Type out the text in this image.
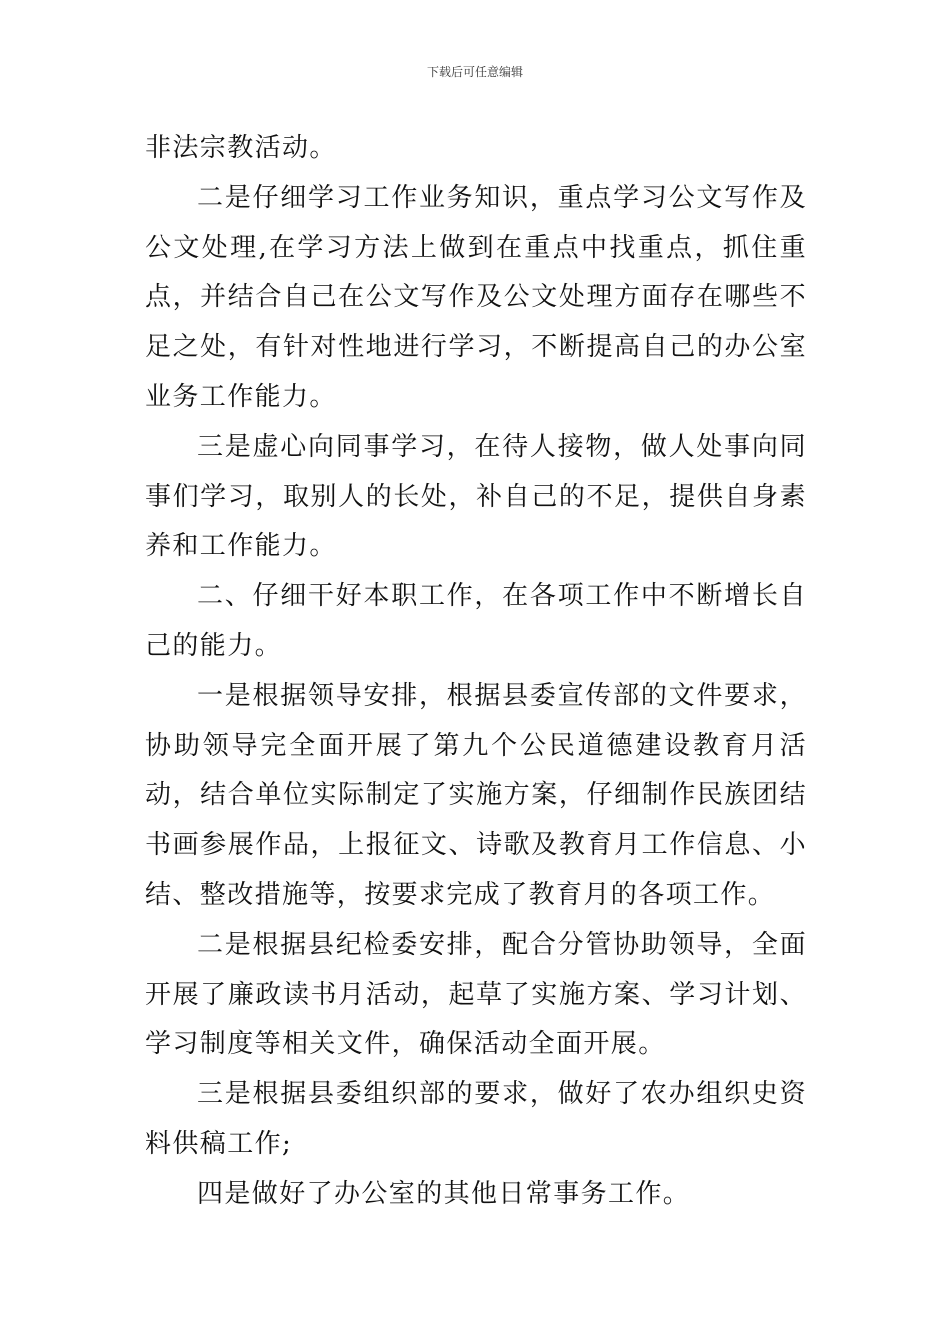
下载后可任意编辑

非法宗教活动。

二是仔细学习工作业务知识，重点学习公文写作及公文处理,在学习方法上做到在重点中找重点，抓住重点，并结合自己在公文写作及公文处理方面存在哪些不足之处，有针对性地进行学习，不断提高自己的办公室业务工作能力。

三是虚心向同事学习，在待人接物，做人处事向同事们学习，取别人的长处，补自己的不足，提供自身素养和工作能力。

二、仔细干好本职工作，在各项工作中不断增长自己的能力。

一是根据领导安排，根据县委宣传部的文件要求，协助领导完全面开展了第九个公民道德建设教育月活动，结合单位实际制定了实施方案，仔细制作民族团结书画参展作品，上报征文、诗歌及教育月工作信息、小结、整改措施等，按要求完成了教育月的各项工作。

二是根据县纪检委安排，配合分管协助领导，全面开展了廉政读书月活动，起草了实施方案、学习计划、学习制度等相关文件，确保活动全面开展。

三是根据县委组织部的要求，做好了农办组织史资料供稿工作;

四是做好了办公室的其他日常事务工作。
